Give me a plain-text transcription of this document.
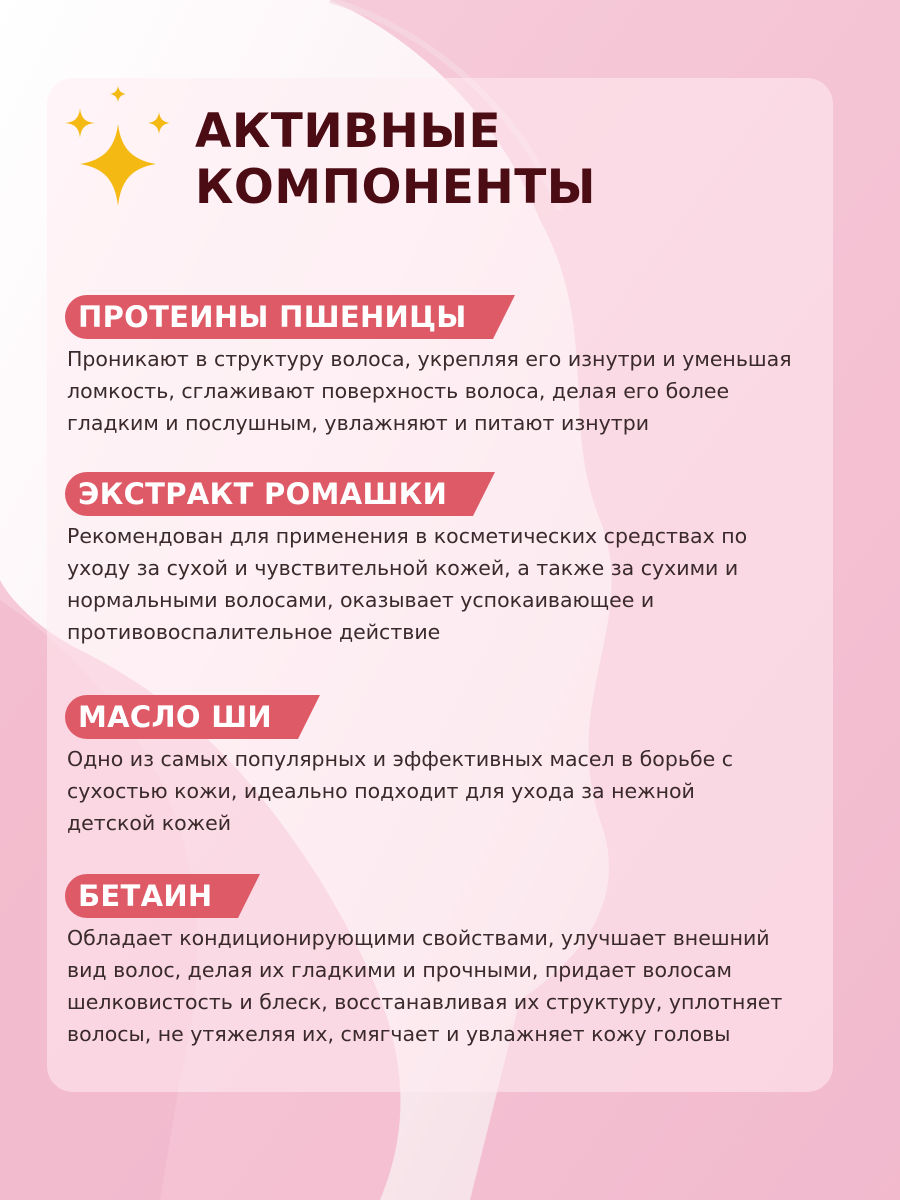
АКТИВНЫЕ
КОМПОНЕНТЫ
ПРОТЕИНЫ ПШЕНИЦЫ
Проникают в структуру волоса, укрепляя его изнутри и уменьшая
ломкость, сглаживают поверхность волоса, делая его более
гладким и послушным, увлажняют и питают изнутри
ЭКСТРАКТ РОМАШКИ
Рекомендован для применения в косметических средствах по
уходу за сухой и чувствительной кожей, а также за сухими и
нормальными волосами, оказывает успокаивающее и
противовоспалительное действие
МАСЛО ШИ
Одно из самых популярных и эффективных масел в борьбе с
сухостью кожи, идеально подходит для ухода за нежной
детской кожей
БЕТАИН
Обладает кондиционирующими свойствами, улучшает внешний
вид волос, делая их гладкими и прочными, придает волосам
шелковистость и блеск, восстанавливая их структуру, уплотняет
волосы, не утяжеляя их, смягчает и увлажняет кожу головы
